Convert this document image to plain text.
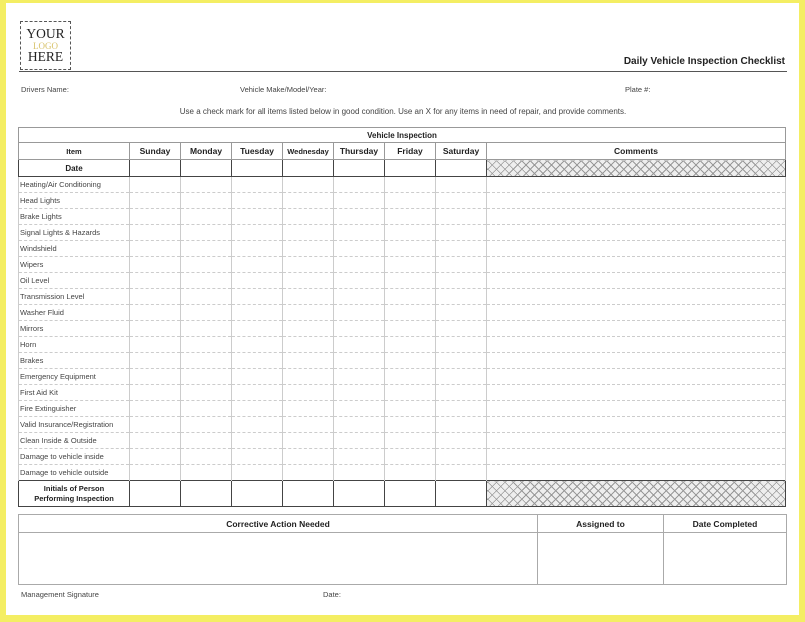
YOUR
LOGO
HERE	Daily Vehicle Inspection Checklist
Drivers Name:	Vehicle Make/Model/Year:	Plate #:
Use a check mark for all items listed below in good condition. Use an X for any items in need of repair, and provide comments.
Vehicle Inspection								
Item	Sunday	Monday	Tuesday	Wednesday	Thursday	Friday	Saturday	Comments
Date								
Heating/Air Conditioning								
Head Lights								
Brake Lights								
Signal Lights & Hazards								
Windshield								
Wipers								
Oil Level								
Transmission Level								
Washer Fluid								
Mirrors								
Horn								
Brakes								
Emergency Equipment								
First Aid Kit								
Fire Extinguisher								
Valid Insurance/Registration								
Clean Inside & Outside								
Damage to vehicle inside								
Damage to vehicle outside								

Initials of Person
Performing Inspection								

Corrective Action Needed	Assigned to	Date Completed

Management Signature	Date:
